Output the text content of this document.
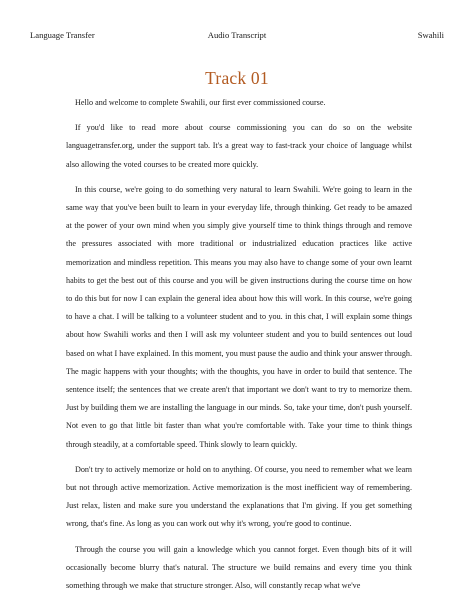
Language Transfer	Audio Transcript	Swahili
Track 01

Hello and welcome to complete Swahili, our first ever commissioned course.

If you'd like to read more about course commissioning you can do so on the website languagetransfer.org, under the support tab. It's a great way to fast-track your choice of language whilst also allowing the voted courses to be created more quickly.

In this course, we're going to do something very natural to learn Swahili. We're going to learn in the same way that you've been built to learn in your everyday life, through thinking. Get ready to be amazed at the power of your own mind when you simply give yourself time to think things through and remove the pressures associated with more traditional or industrialized education practices like active memorization and mindless repetition. This means you may also have to change some of your own learnt habits to get the best out of this course and you will be given instructions during the course time on how to do this but for now I can explain the general idea about how this will work. In this course, we're going to have a chat. I will be talking to a volunteer student and to you. in this chat, I will explain some things about how Swahili works and then I will ask my volunteer student and you to build sentences out loud based on what I have explained. In this moment, you must pause the audio and think your answer through. The magic happens with your thoughts; with the thoughts, you have in order to build that sentence. The sentence itself; the sentences that we create aren't that important we don't want to try to memorize them. Just by building them we are installing the language in our minds. So, take your time, don't push yourself. Not even to go that little bit faster than what you're comfortable with. Take your time to think things through steadily, at a comfortable speed. Think slowly to learn quickly.

Don't try to actively memorize or hold on to anything. Of course, you need to remember what we learn but not through active memorization. Active memorization is the most inefficient way of remembering. Just relax, listen and make sure you understand the explanations that I'm giving. If you get something wrong, that's fine. As long as you can work out why it's wrong, you're good to continue.

Through the course you will gain a knowledge which you cannot forget. Even though bits of it will occasionally become blurry that's natural. The structure we build remains and every time you think something through we make that structure stronger. Also, will constantly recap what we've
